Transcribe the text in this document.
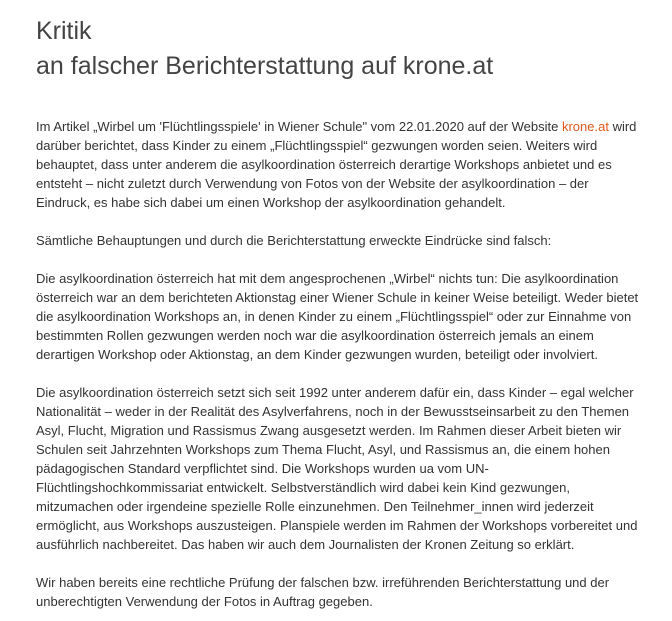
Kritik
an falscher Berichterstattung auf krone.at

Im Artikel „Wirbel um 'Flüchtlingsspiele' in Wiener Schule" vom 22.01.2020 auf der Website krone.at wird darüber berichtet, dass Kinder zu einem „Flüchtlingsspiel“ gezwungen worden seien. Weiters wird behauptet, dass unter anderem die asylkoordination österreich derartige Workshops anbietet und es entsteht – nicht zuletzt durch Verwendung von Fotos von der Website der asylkoordination – der Eindruck, es habe sich dabei um einen Workshop der asylkoordination gehandelt.

Sämtliche Behauptungen und durch die Berichterstattung erweckte Eindrücke sind falsch:

Die asylkoordination österreich hat mit dem angesprochenen „Wirbel“ nichts tun: Die asylkoordination österreich war an dem berichteten Aktionstag einer Wiener Schule in keiner Weise beteiligt. Weder bietet die asylkoordination Workshops an, in denen Kinder zu einem „Flüchtlingsspiel“ oder zur Einnahme von bestimmten Rollen gezwungen werden noch war die asylkoordination österreich jemals an einem derartigen Workshop oder Aktionstag, an dem Kinder gezwungen wurden, beteiligt oder involviert.

Die asylkoordination österreich setzt sich seit 1992 unter anderem dafür ein, dass Kinder – egal welcher Nationalität – weder in der Realität des Asylverfahrens, noch in der Bewusstseinsarbeit zu den Themen Asyl, Flucht, Migration und Rassismus Zwang ausgesetzt werden. Im Rahmen dieser Arbeit bieten wir Schulen seit Jahrzehnten Workshops zum Thema Flucht, Asyl, und Rassismus an, die einem hohen pädagogischen Standard verpflichtet sind. Die Workshops wurden ua vom UN-Flüchtlingshochkommissariat entwickelt. Selbstverständlich wird dabei kein Kind gezwungen, mitzumachen oder irgendeine spezielle Rolle einzunehmen. Den Teilnehmer_innen wird jederzeit ermöglicht, aus Workshops auszusteigen. Planspiele werden im Rahmen der Workshops vorbereitet und ausführlich nachbereitet. Das haben wir auch dem Journalisten der Kronen Zeitung so erklärt.

Wir haben bereits eine rechtliche Prüfung der falschen bzw. irreführenden Berichterstattung und der unberechtigten Verwendung der Fotos in Auftrag gegeben.
